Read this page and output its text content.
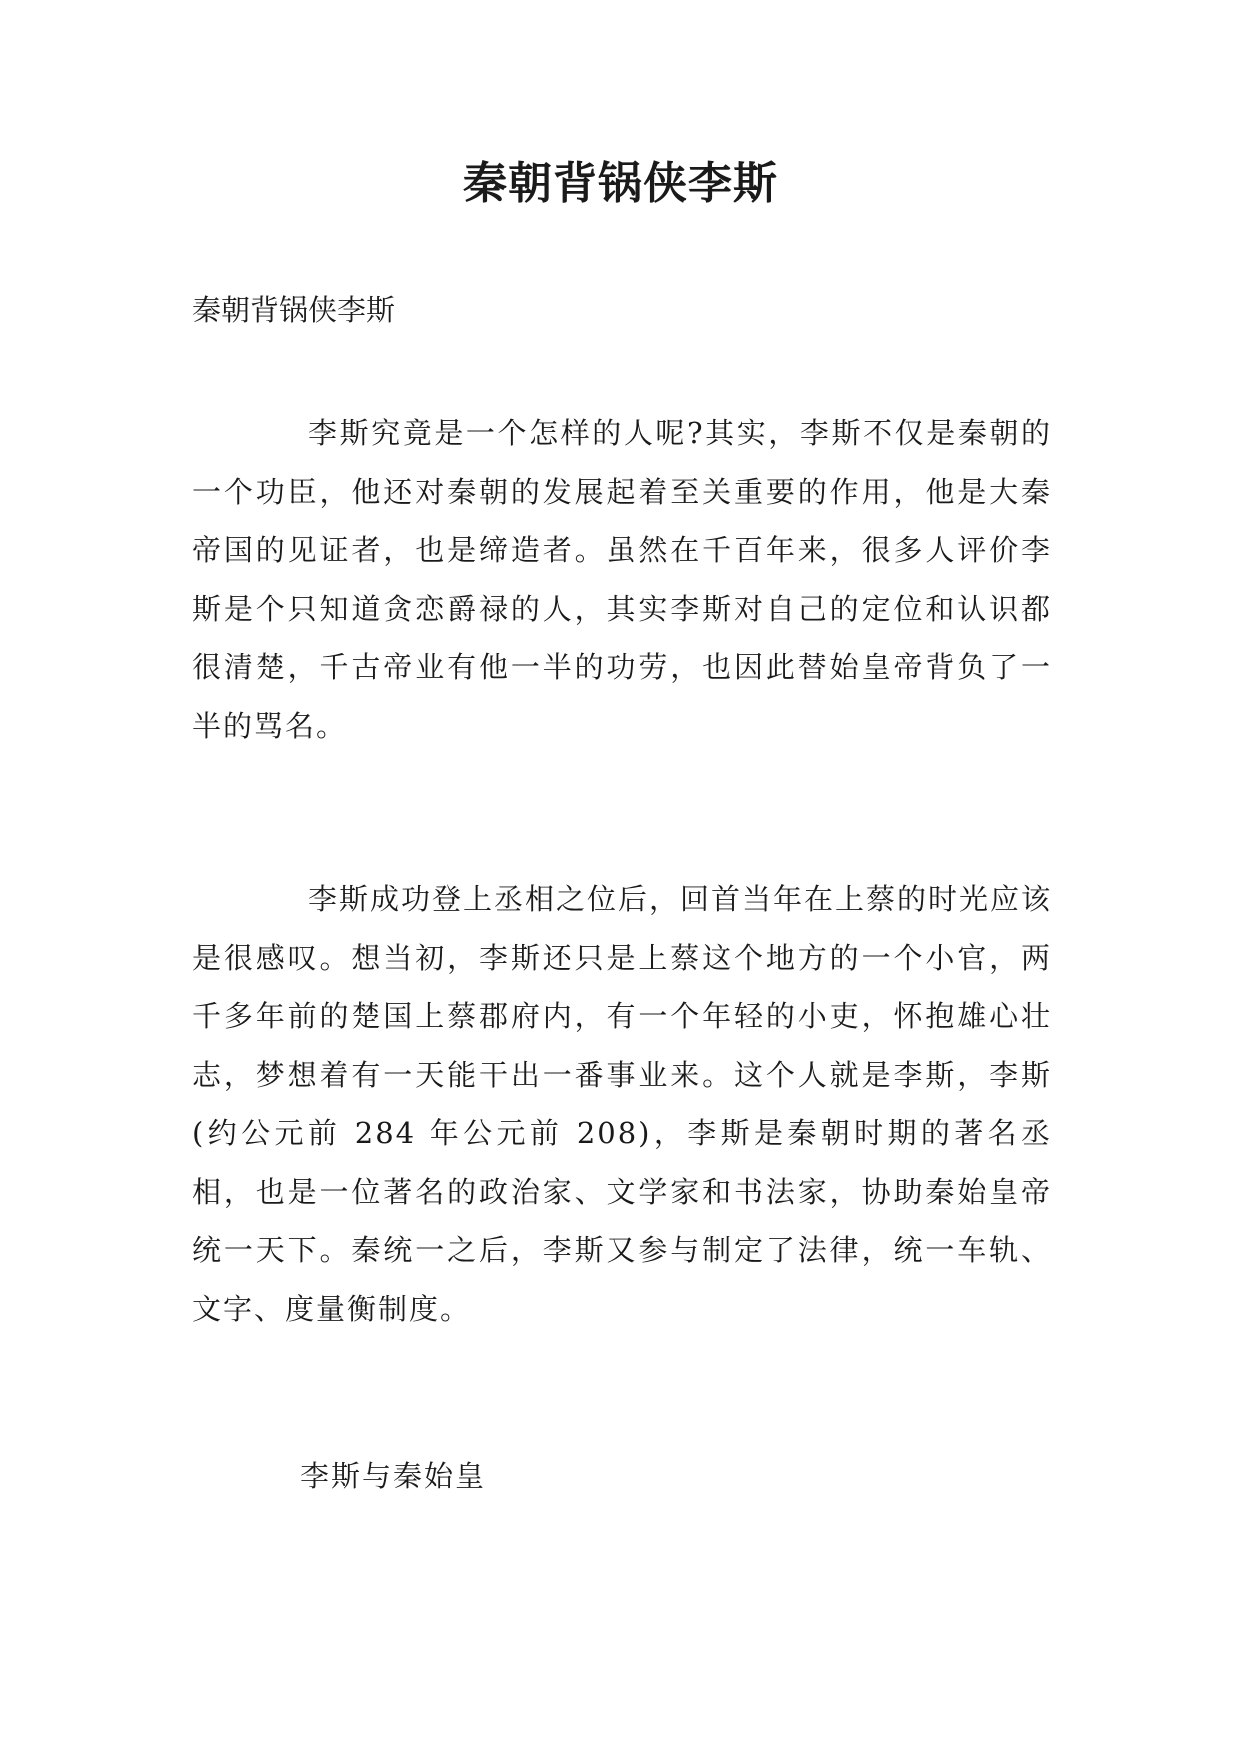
秦朝背锅侠李斯

秦朝背锅侠李斯

李斯究竟是一个怎样的人呢?其实，李斯不仅是秦朝的一个功臣，他还对秦朝的发展起着至关重要的作用，他是大秦帝国的见证者，也是缔造者。虽然在千百年来，很多人评价李斯是个只知道贪恋爵禄的人，其实李斯对自己的定位和认识都很清楚，千古帝业有他一半的功劳，也因此替始皇帝背负了一半的骂名。

李斯成功登上丞相之位后，回首当年在上蔡的时光应该是很感叹。想当初，李斯还只是上蔡这个地方的一个小官，两千多年前的楚国上蔡郡府内，有一个年轻的小吏，怀抱雄心壮志，梦想着有一天能干出一番事业来。这个人就是李斯，李斯(约公元前 284 年公元前 208)，李斯是秦朝时期的著名丞相，也是一位著名的政治家、文学家和书法家，协助秦始皇帝统一天下。秦统一之后，李斯又参与制定了法律，统一车轨、文字、度量衡制度。

李斯与秦始皇
